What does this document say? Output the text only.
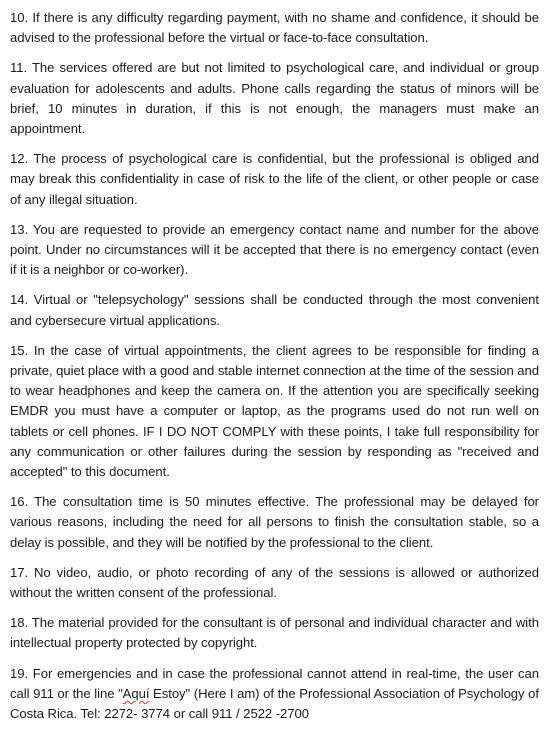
10. If there is any difficulty regarding payment, with no shame and confidence, it should be advised to the professional before the virtual or face-to-face consultation.

11. The services offered are but not limited to psychological care, and individual or group evaluation for adolescents and adults. Phone calls regarding the status of minors will be brief, 10 minutes in duration, if this is not enough, the managers must make an appointment.

12. The process of psychological care is confidential, but the professional is obliged and may break this confidentiality in case of risk to the life of the client, or other people or case of any illegal situation.

13. You are requested to provide an emergency contact name and number for the above point. Under no circumstances will it be accepted that there is no emergency contact (even if it is a neighbor or co-worker).

14. Virtual or "telepsychology" sessions shall be conducted through the most convenient and cybersecure virtual applications.

15. In the case of virtual appointments, the client agrees to be responsible for finding a private, quiet place with a good and stable internet connection at the time of the session and to wear headphones and keep the camera on. If the attention you are specifically seeking EMDR you must have a computer or laptop, as the programs used do not run well on tablets or cell phones. IF I DO NOT COMPLY with these points, I take full responsibility for any communication or other failures during the session by responding as "received and accepted" to this document.

16. The consultation time is 50 minutes effective. The professional may be delayed for various reasons, including the need for all persons to finish the consultation stable, so a delay is possible, and they will be notified by the professional to the client.

17. No video, audio, or photo recording of any of the sessions is allowed or authorized without the written consent of the professional.

18. The material provided for the consultant is of personal and individual character and with intellectual property protected by copyright.

19. For emergencies and in case the professional cannot attend in real-time, the user can call 911 or the line "Aquí Estoy" (Here I am) of the Professional Association of Psychology of Costa Rica. Tel: 2272- 3774 or call 911 / 2522 -2700
